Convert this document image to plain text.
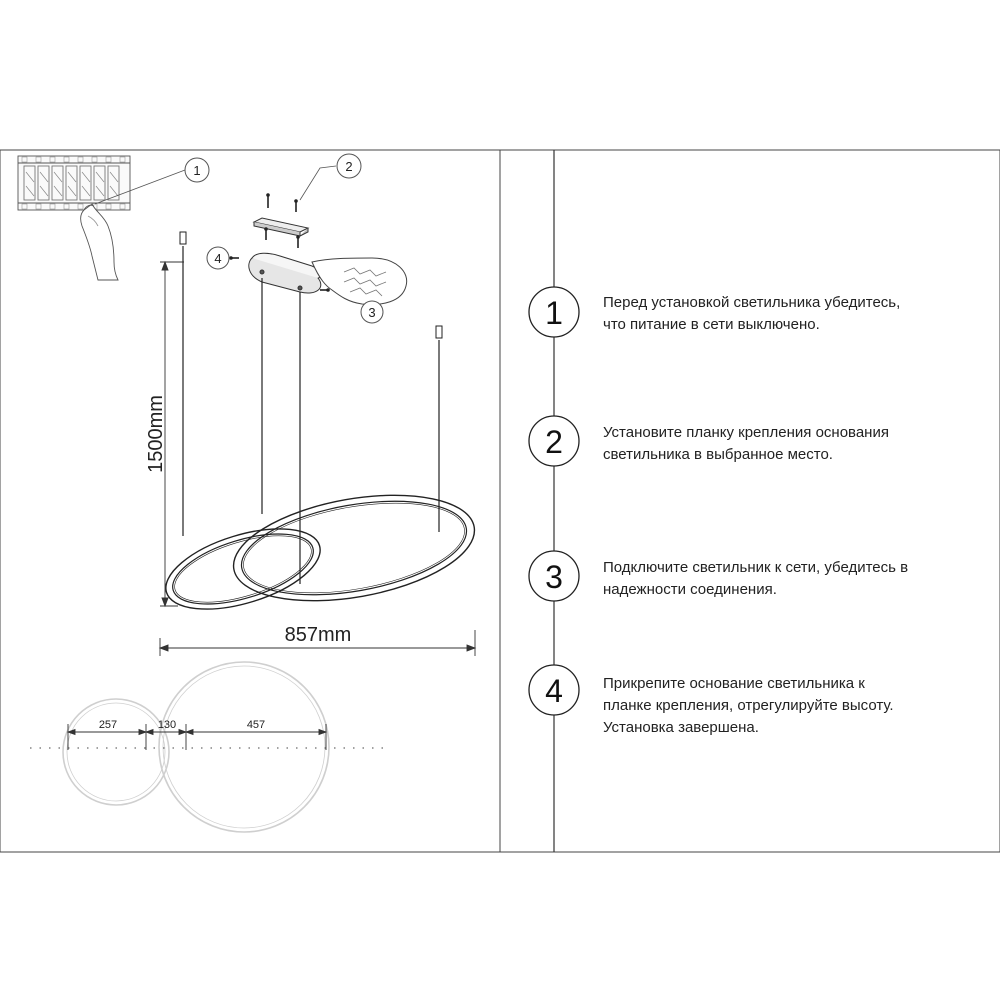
1	2
4
3
1500mm
857mm
257	130	457
1
2
3
4
Перед установкой светильника убедитесь,
что питание в сети выключено.
Установите планку крепления основания
светильника в выбранное место.
Подключите светильник к сети, убедитесь в
надежности соединения.
Прикрепите основание светильника к
планке крепления, отрегулируйте высоту.
Установка завершена.
